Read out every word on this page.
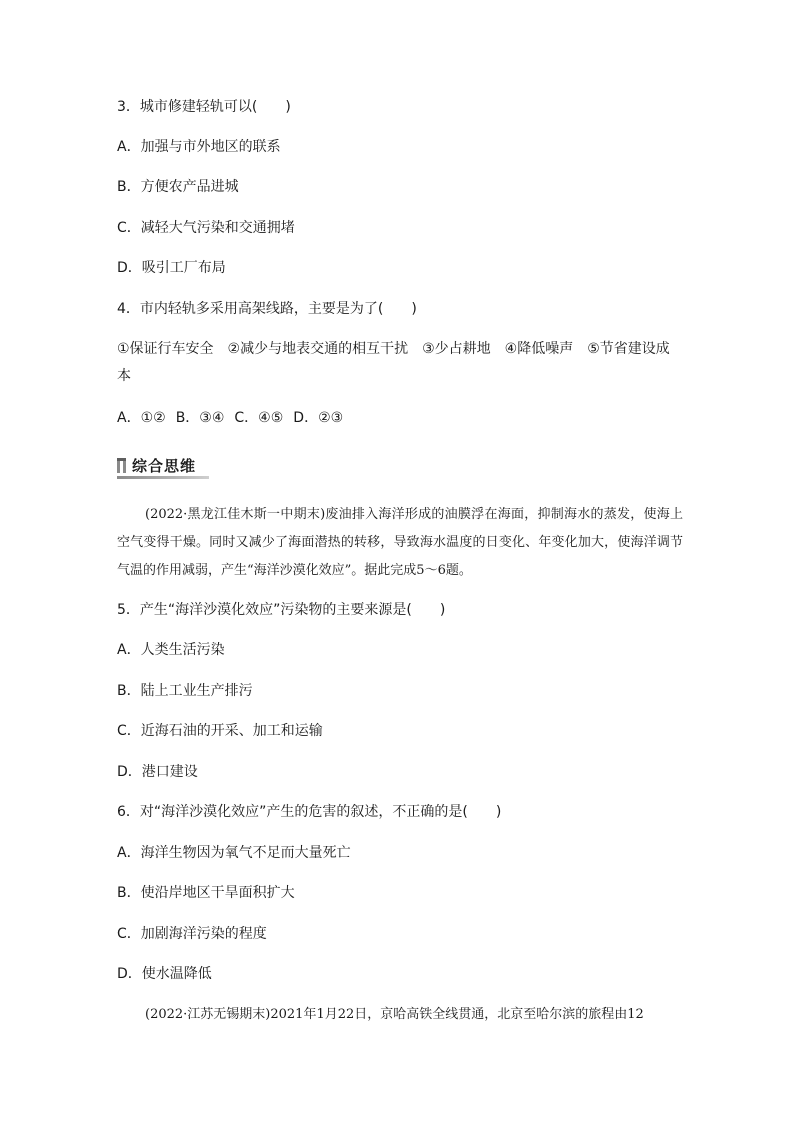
3．城市修建轻轨可以(　　)

A．加强与市外地区的联系

B．方便农产品进城

C．减轻大气污染和交通拥堵

D．吸引工厂布局

4．市内轻轨多采用高架线路，主要是为了(　　)

①保证行车安全　②减少与地表交通的相互干扰　③少占耕地　④降低噪声　⑤节省建设成本

A．①② B．③④ C．④⑤ D．②③
综合思维

(2022·黑龙江佳木斯一中期末)废油排入海洋形成的油膜浮在海面，抑制海水的蒸发，使海上空气变得干燥。同时又减少了海面潜热的转移，导致海水温度的日变化、年变化加大，使海洋调节气温的作用减弱，产生“海洋沙漠化效应”。据此完成5～6题。

5．产生“海洋沙漠化效应”污染物的主要来源是(　　)

A．人类生活污染

B．陆上工业生产排污

C．近海石油的开采、加工和运输

D．港口建设

6．对“海洋沙漠化效应”产生的危害的叙述，不正确的是(　　)

A．海洋生物因为氧气不足而大量死亡

B．使沿岸地区干旱面积扩大

C．加剧海洋污染的程度

D．使水温降低

(2022·江苏无锡期末)2021年1月22日，京哈高铁全线贯通，北京至哈尔滨的旅程由12
